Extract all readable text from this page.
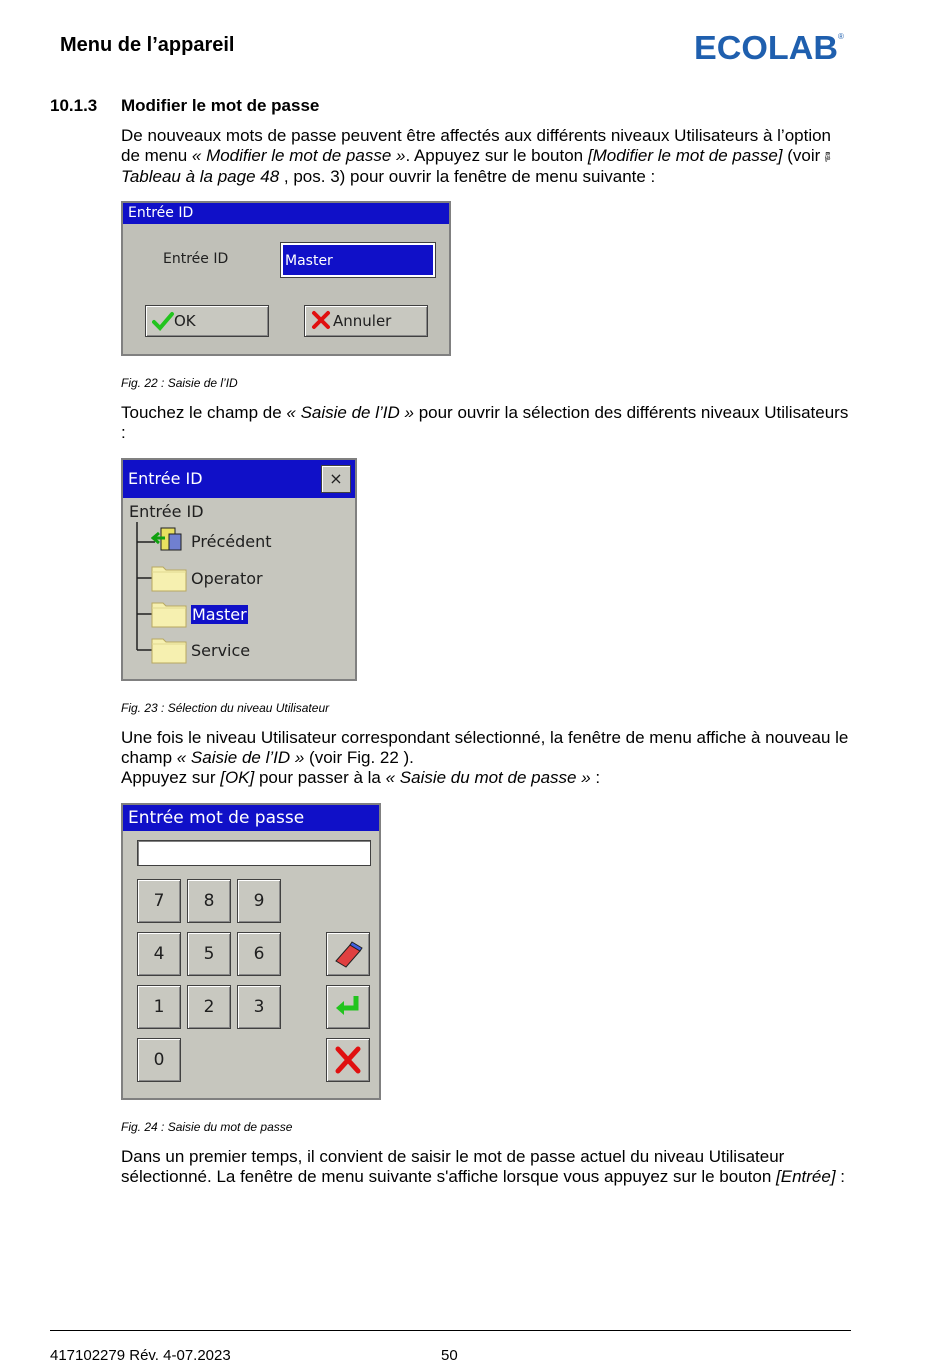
Menu de l’appareil	ECOLAB ®
10.1.3 Modifier le mot de passe
De nouveaux mots de passe peuvent être affectés aux différents niveaux Utilisateurs à l’option de menu « Modifier le mot de passe ». Appuyez sur le bouton [Modifier le mot de passe] (voir 🖗 Tableau à la page 48 , pos. 3) pour ouvrir la fenêtre de menu suivante :
Entrée ID
Entrée ID	Master
OK	Annuler
Fig. 22 : Saisie de l’ID
Touchez le champ de « Saisie de l’ID » pour ouvrir la sélection des différents niveaux Utilisateurs :
Entrée ID	×
Entrée ID
Précédent
Operator
Master
Service
Fig. 23 : Sélection du niveau Utilisateur
Une fois le niveau Utilisateur correspondant sélectionné, la fenêtre de menu affiche à nouveau le champ « Saisie de l’ID » (voir Fig. 22 ).
Appuyez sur [OK] pour passer à la « Saisie du mot de passe » :
Entrée mot de passe
7	8	9
4	5	6
1	2	3
0
Fig. 24 : Saisie du mot de passe
Dans un premier temps, il convient de saisir le mot de passe actuel du niveau Utilisateur sélectionné. La fenêtre de menu suivante s'affiche lorsque vous appuyez sur le bouton [Entrée] :
417102279 Rév. 4-07.2023	50
